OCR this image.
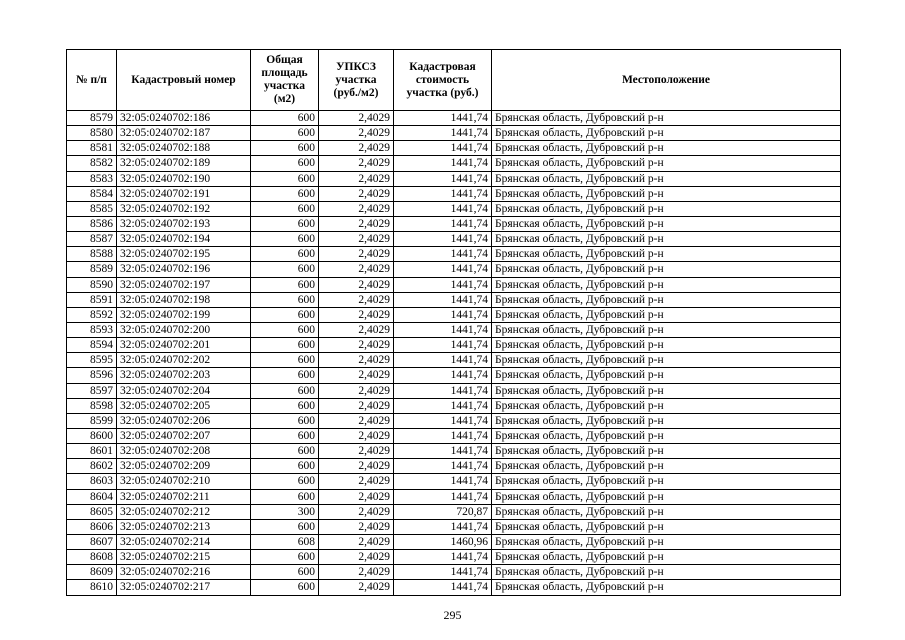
№ п/п	Кадастровый номер	Общая площадь участка (м2)	УПКСЗ участка (руб./м2)	Кадастровая стоимость участка (руб.)	Местоположение
8579	32:05:0240702:186	600	2,4029	1441,74	Брянская область, Дубровский р-н
8580	32:05:0240702:187	600	2,4029	1441,74	Брянская область, Дубровский р-н
8581	32:05:0240702:188	600	2,4029	1441,74	Брянская область, Дубровский р-н
8582	32:05:0240702:189	600	2,4029	1441,74	Брянская область, Дубровский р-н
8583	32:05:0240702:190	600	2,4029	1441,74	Брянская область, Дубровский р-н
8584	32:05:0240702:191	600	2,4029	1441,74	Брянская область, Дубровский р-н
8585	32:05:0240702:192	600	2,4029	1441,74	Брянская область, Дубровский р-н
8586	32:05:0240702:193	600	2,4029	1441,74	Брянская область, Дубровский р-н
8587	32:05:0240702:194	600	2,4029	1441,74	Брянская область, Дубровский р-н
8588	32:05:0240702:195	600	2,4029	1441,74	Брянская область, Дубровский р-н
8589	32:05:0240702:196	600	2,4029	1441,74	Брянская область, Дубровский р-н
8590	32:05:0240702:197	600	2,4029	1441,74	Брянская область, Дубровский р-н
8591	32:05:0240702:198	600	2,4029	1441,74	Брянская область, Дубровский р-н
8592	32:05:0240702:199	600	2,4029	1441,74	Брянская область, Дубровский р-н
8593	32:05:0240702:200	600	2,4029	1441,74	Брянская область, Дубровский р-н
8594	32:05:0240702:201	600	2,4029	1441,74	Брянская область, Дубровский р-н
8595	32:05:0240702:202	600	2,4029	1441,74	Брянская область, Дубровский р-н
8596	32:05:0240702:203	600	2,4029	1441,74	Брянская область, Дубровский р-н
8597	32:05:0240702:204	600	2,4029	1441,74	Брянская область, Дубровский р-н
8598	32:05:0240702:205	600	2,4029	1441,74	Брянская область, Дубровский р-н
8599	32:05:0240702:206	600	2,4029	1441,74	Брянская область, Дубровский р-н
8600	32:05:0240702:207	600	2,4029	1441,74	Брянская область, Дубровский р-н
8601	32:05:0240702:208	600	2,4029	1441,74	Брянская область, Дубровский р-н
8602	32:05:0240702:209	600	2,4029	1441,74	Брянская область, Дубровский р-н
8603	32:05:0240702:210	600	2,4029	1441,74	Брянская область, Дубровский р-н
8604	32:05:0240702:211	600	2,4029	1441,74	Брянская область, Дубровский р-н
8605	32:05:0240702:212	300	2,4029	720,87	Брянская область, Дубровский р-н
8606	32:05:0240702:213	600	2,4029	1441,74	Брянская область, Дубровский р-н
8607	32:05:0240702:214	608	2,4029	1460,96	Брянская область, Дубровский р-н
8608	32:05:0240702:215	600	2,4029	1441,74	Брянская область, Дубровский р-н
8609	32:05:0240702:216	600	2,4029	1441,74	Брянская область, Дубровский р-н
8610	32:05:0240702:217	600	2,4029	1441,74	Брянская область, Дубровский р-н
295
